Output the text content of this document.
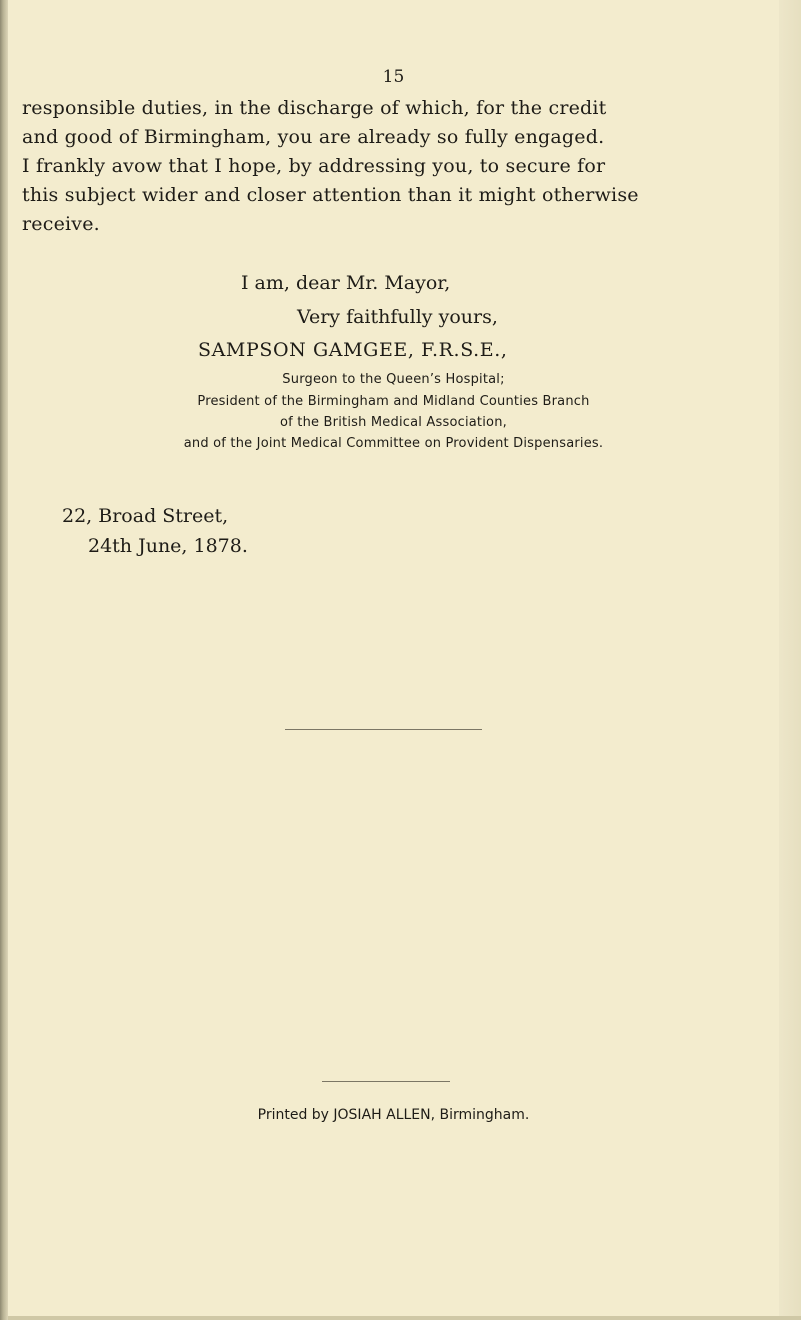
15
responsible duties, in the discharge of which, for the credit
and good of Birmingham, you are already so fully engaged.
I frankly avow that I hope, by addressing you, to secure for
this subject wider and closer attention than it might otherwise
receive.
I am, dear Mr. Mayor,
Very faithfully yours,
SAMPSON GAMGEE, F.R.S.E.,
Surgeon to the Queen’s Hospital;
President of the Birmingham and Midland Counties Branch
of the British Medical Association,
and of the Joint Medical Committee on Provident Dispensaries.
22, Broad Street,
24th June, 1878.
Printed by JOSIAH ALLEN, Birmingham.
